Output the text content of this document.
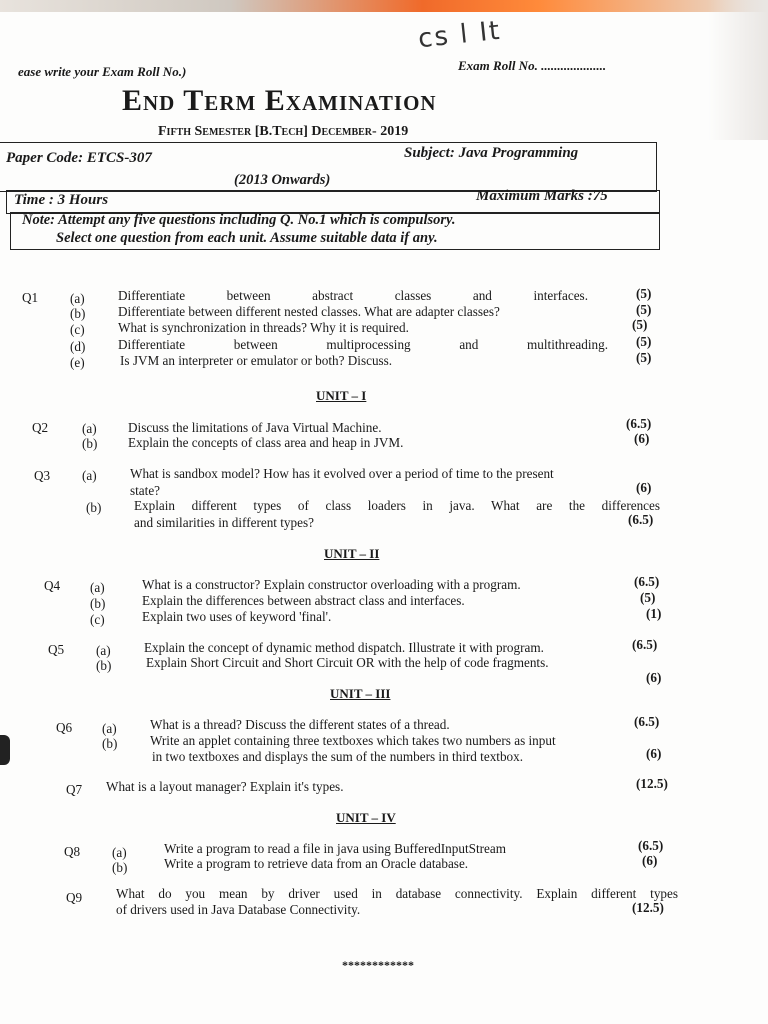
cs l It
ease write your Exam Roll No.)	Exam Roll No. ....................
End Term Examination
Fifth Semester [B.Tech] December- 2019
Paper Code: ETCS-307	Subject: Java Programming
(2013 Onwards)
Time : 3 Hours	Maximum Marks :75
Note: Attempt any five questions including Q. No.1 which is compulsory.
Select one question from each unit. Assume suitable data if any.
Q1 (a)	Differentiate between abstract classes and interfaces.	(5)
(b) Differentiate between different nested classes. What are adapter classes?	(5)
(c)	What is synchronization in threads? Why it is required.	(5)
(d) Differentiate between multiprocessing and multithreading. (5)
(e)	Is JVM an interpreter or emulator or both? Discuss.	(5)
UNIT – I
Q2	(a) Discuss the limitations of Java Virtual Machine.	(6.5)
(b) Explain the concepts of class area and heap in JVM.	(6)
Q3 (a)	What is sandbox model? How has it evolved over a period of time to the present
state?	(6)
(b) Explain different types of class loaders in java. What are the differences
and similarities in different types?	(6.5)
UNIT – II
Q4 (a)	What is a constructor? Explain constructor overloading with a program.	(6.5)
(b)	Explain the differences between abstract class and interfaces.	(5)
(c)	Explain two uses of keyword 'final'.	(1)
Q5 (a)	Explain the concept of dynamic method dispatch. Illustrate it with program.	(6.5)
(b)	Explain Short Circuit and Short Circuit OR with the help of code fragments.
(6)
UNIT – III
Q6 (a)	What is a thread? Discuss the different states of a thread.	(6.5)
(b) Write an applet containing three textboxes which takes two numbers as input
in two textboxes and displays the sum of the numbers in third textbox.	(6)
Q7 What is a layout manager? Explain it's types.	(12.5)
UNIT – IV
Q8 (a)	Write a program to read a file in java using BufferedInputStream	(6.5)
(b)	Write a program to retrieve data from an Oracle database.	(6)
Q9	What do you mean by driver used in database connectivity. Explain different types
of drivers used in Java Database Connectivity.	(12.5)
************
